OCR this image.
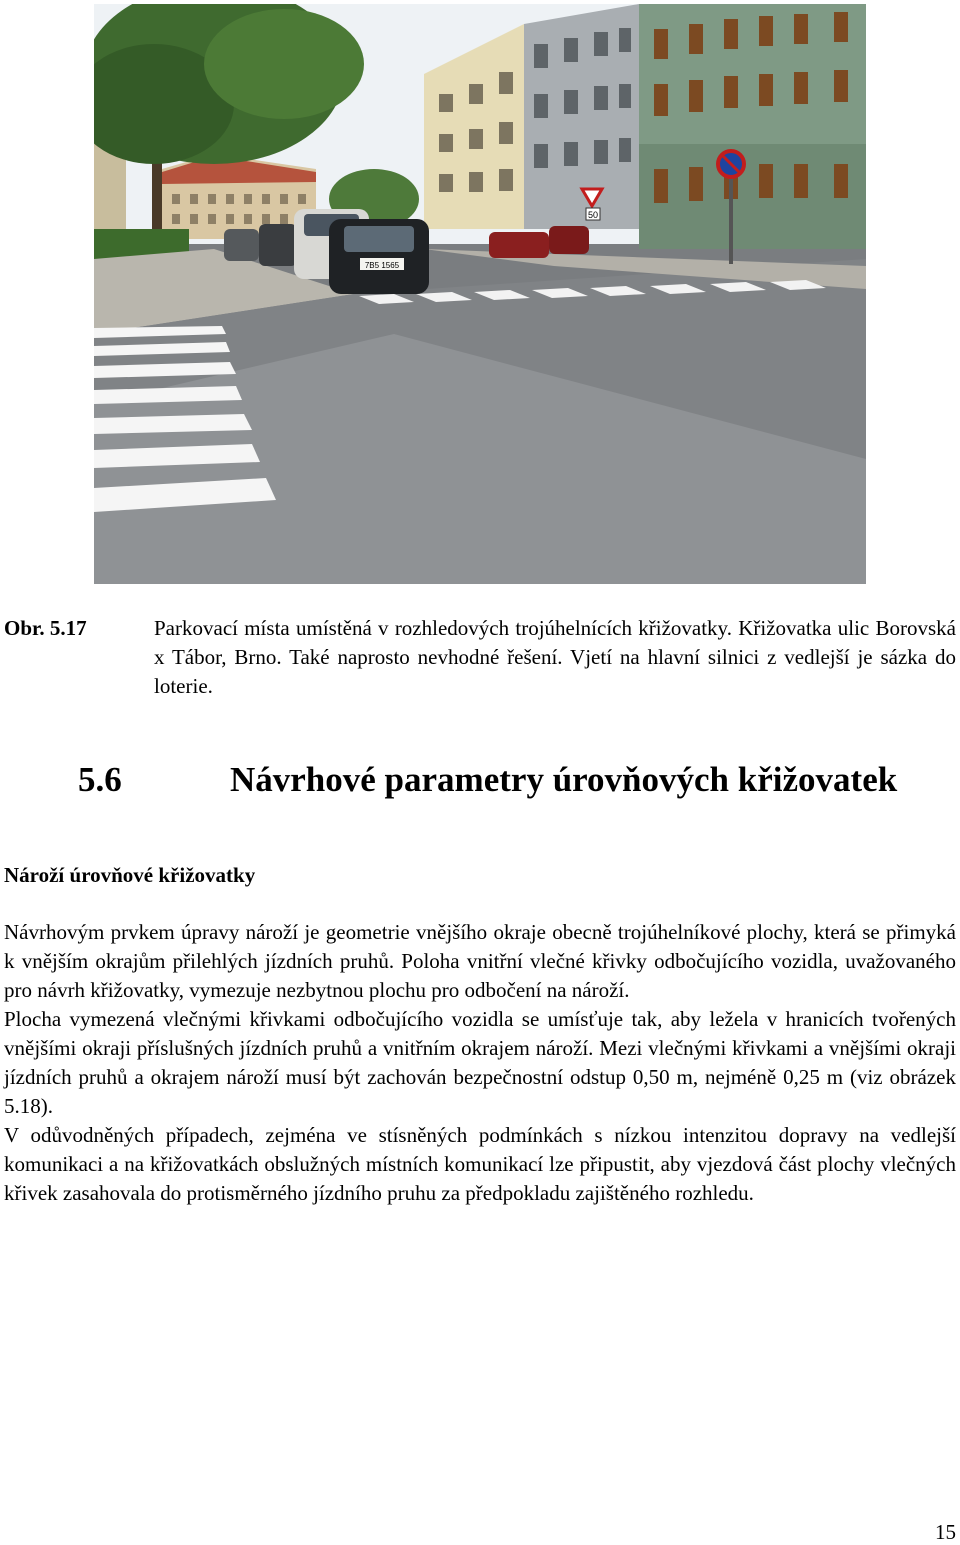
7B5 1565
50
Obr. 5.17	Parkovací místa umístěná v rozhledových trojúhelnících křižovatky. Křižovatka ulic Borovská x Tábor, Brno. Také naprosto nevhodné řešení. Vjetí na hlavní silnici z vedlejší je sázka do loterie.
5.6	Návrhové parametry úrovňových křižovatek
Nároží úrovňové křižovatky

Návrhovým prvkem úpravy nároží je geometrie vnějšího okraje obecně trojúhelníkové plochy, která se přimyká k vnějším okrajům přilehlých jízdních pruhů. Poloha vnitřní vlečné křivky odbočujícího vozidla, uvažovaného pro návrh křižovatky, vymezuje nezbytnou plochu pro odbočení na nároží.

Plocha vymezená vlečnými křivkami odbočujícího vozidla se umísťuje tak, aby ležela v hranicích tvořených vnějšími okraji příslušných jízdních pruhů a vnitřním okrajem nároží. Mezi vlečnými křivkami a vnějšími okraji jízdních pruhů a okrajem nároží musí být zachován bezpečnostní odstup 0,50 m, nejméně 0,25 m (viz obrázek 5.18).

V odůvodněných případech, zejména ve stísněných podmínkách s nízkou intenzitou dopravy na vedlejší komunikaci a na křižovatkách obslužných místních komunikací lze připustit, aby vjezdová část plochy vlečných křivek zasahovala do protisměrného jízdního pruhu za předpokladu zajištěného rozhledu.

15
